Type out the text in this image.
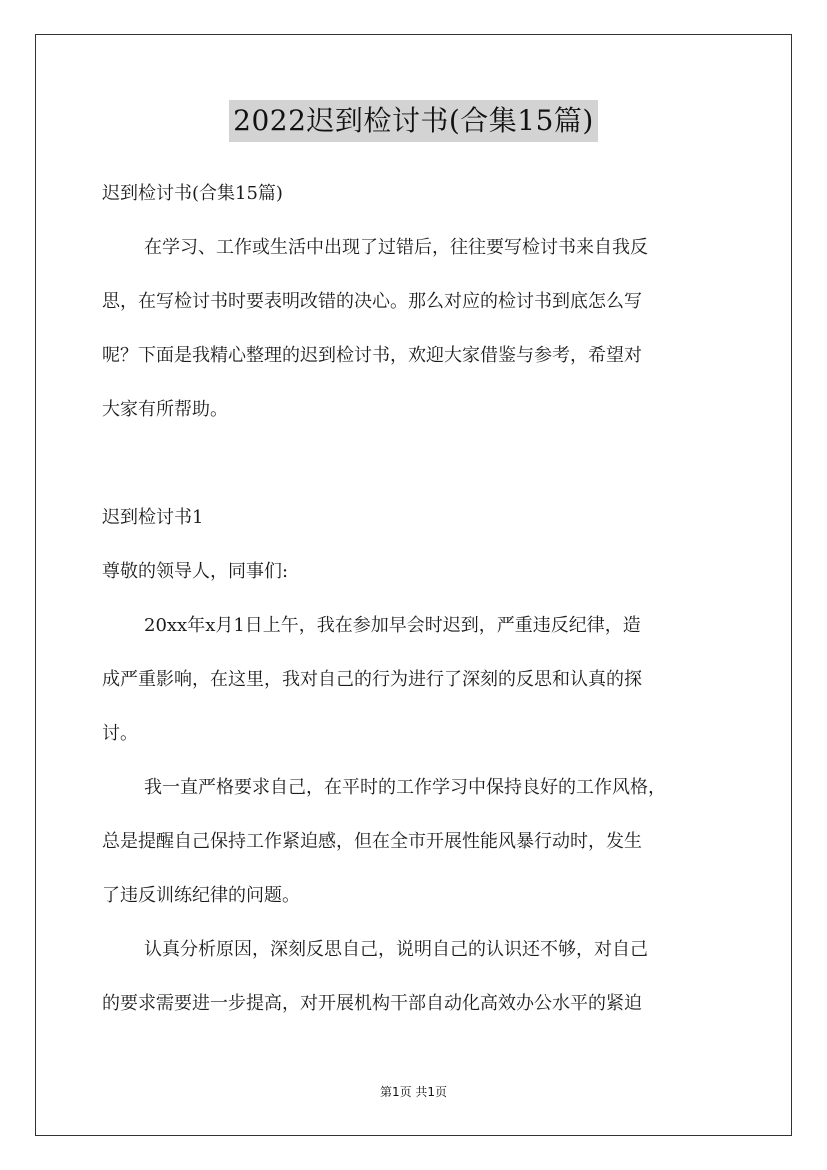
2022迟到检讨书(合集15篇)
迟到检讨书(合集15篇)
在学习、工作或生活中出现了过错后，往往要写检讨书来自我反
思，在写检讨书时要表明改错的决心。那么对应的检讨书到底怎么写
呢？下面是我精心整理的迟到检讨书，欢迎大家借鉴与参考，希望对
大家有所帮助。
迟到检讨书1
尊敬的领导人，同事们:
20xx年x月1日上午，我在参加早会时迟到，严重违反纪律，造
成严重影响，在这里，我对自己的行为进行了深刻的反思和认真的探
讨。
我一直严格要求自己，在平时的工作学习中保持良好的工作风格，
总是提醒自己保持工作紧迫感，但在全市开展性能风暴行动时，发生
了违反训练纪律的问题。
认真分析原因，深刻反思自己，说明自己的认识还不够，对自己
的要求需要进一步提高，对开展机构干部自动化高效办公水平的紧迫
第1页 共1页
